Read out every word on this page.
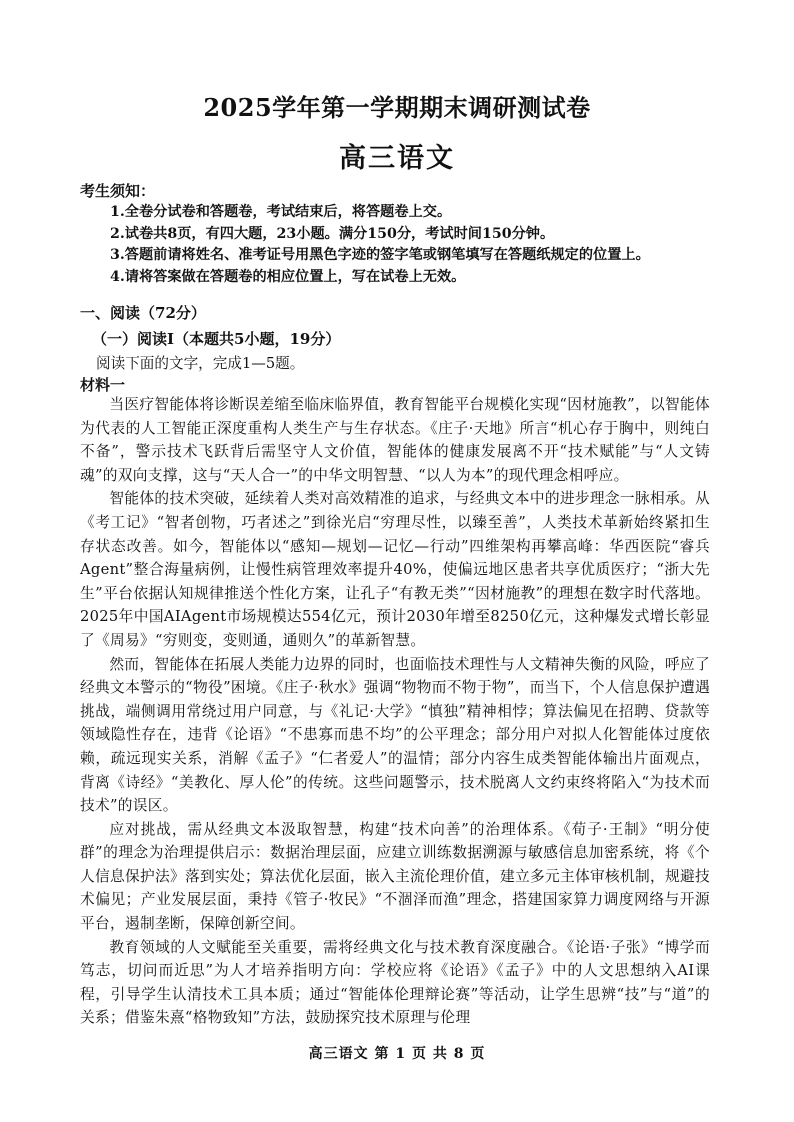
2025学年第一学期期末调研测试卷
高三语文
考生须知：
1.全卷分试卷和答题卷，考试结束后，将答题卷上交。
2.试卷共8页，有四大题，23小题。满分150分，考试时间150分钟。
3.答题前请将姓名、准考证号用黑色字迹的签字笔或钢笔填写在答题纸规定的位置上。
4.请将答案做在答题卷的相应位置上，写在试卷上无效。
一、阅读（72分）
（一）阅读I（本题共5小题，19分）
阅读下面的文字，完成1—5题。
材料一

当医疗智能体将诊断误差缩至临床临界值，教育智能平台规模化实现“因材施教”，以智能体为代表的人工智能正深度重构人类生产与生存状态。《庄子·天地》所言“机心存于胸中，则纯白不备”，警示技术飞跃背后需坚守人文价值，智能体的健康发展离不开“技术赋能”与“人文铸魂”的双向支撑，这与“天人合一”的中华文明智慧、“以人为本”的现代理念相呼应。

智能体的技术突破，延续着人类对高效精准的追求，与经典文本中的进步理念一脉相承。从《考工记》“智者创物，巧者述之”到徐光启“穷理尽性，以臻至善”，人类技术革新始终紧扣生存状态改善。如今，智能体以“感知—规划—记忆—行动”四维架构再攀高峰：华西医院“睿兵Agent”整合海量病例，让慢性病管理效率提升40%，使偏远地区患者共享优质医疗；“浙大先生”平台依据认知规律推送个性化方案，让孔子“有教无类”“因材施教”的理想在数字时代落地。2025年中国AIAgent市场规模达554亿元，预计2030年增至8250亿元，这种爆发式增长彰显了《周易》“穷则变，变则通，通则久”的革新智慧。

然而，智能体在拓展人类能力边界的同时，也面临技术理性与人文精神失衡的风险，呼应了经典文本警示的“物役”困境。《庄子·秋水》强调“物物而不物于物”，而当下，个人信息保护遭遇挑战，端侧调用常绕过用户同意，与《礼记·大学》“慎独”精神相悖；算法偏见在招聘、贷款等领域隐性存在，违背《论语》“不患寡而患不均”的公平理念；部分用户对拟人化智能体过度依赖，疏远现实关系，消解《孟子》“仁者爱人”的温情；部分内容生成类智能体输出片面观点，背离《诗经》“美教化、厚人伦”的传统。这些问题警示，技术脱离人文约束终将陷入“为技术而技术”的误区。

应对挑战，需从经典文本汲取智慧，构建“技术向善”的治理体系。《荀子·王制》“明分使群”的理念为治理提供启示：数据治理层面，应建立训练数据溯源与敏感信息加密系统，将《个人信息保护法》落到实处；算法优化层面，嵌入主流伦理价值，建立多元主体审核机制，规避技术偏见；产业发展层面，秉持《管子·牧民》“不涸泽而渔”理念，搭建国家算力调度网络与开源平台，遏制垄断，保障创新空间。

教育领域的人文赋能至关重要，需将经典文化与技术教育深度融合。《论语·子张》“博学而笃志，切问而近思”为人才培养指明方向：学校应将《论语》《孟子》中的人文思想纳入AI课程，引导学生认清技术工具本质；通过“智能体伦理辩论赛”等活动，让学生思辨“技”与“道”的关系；借鉴朱熹“格物致知”方法，鼓励探究技术原理与伦理

高三语文 第 1 页 共 8 页
